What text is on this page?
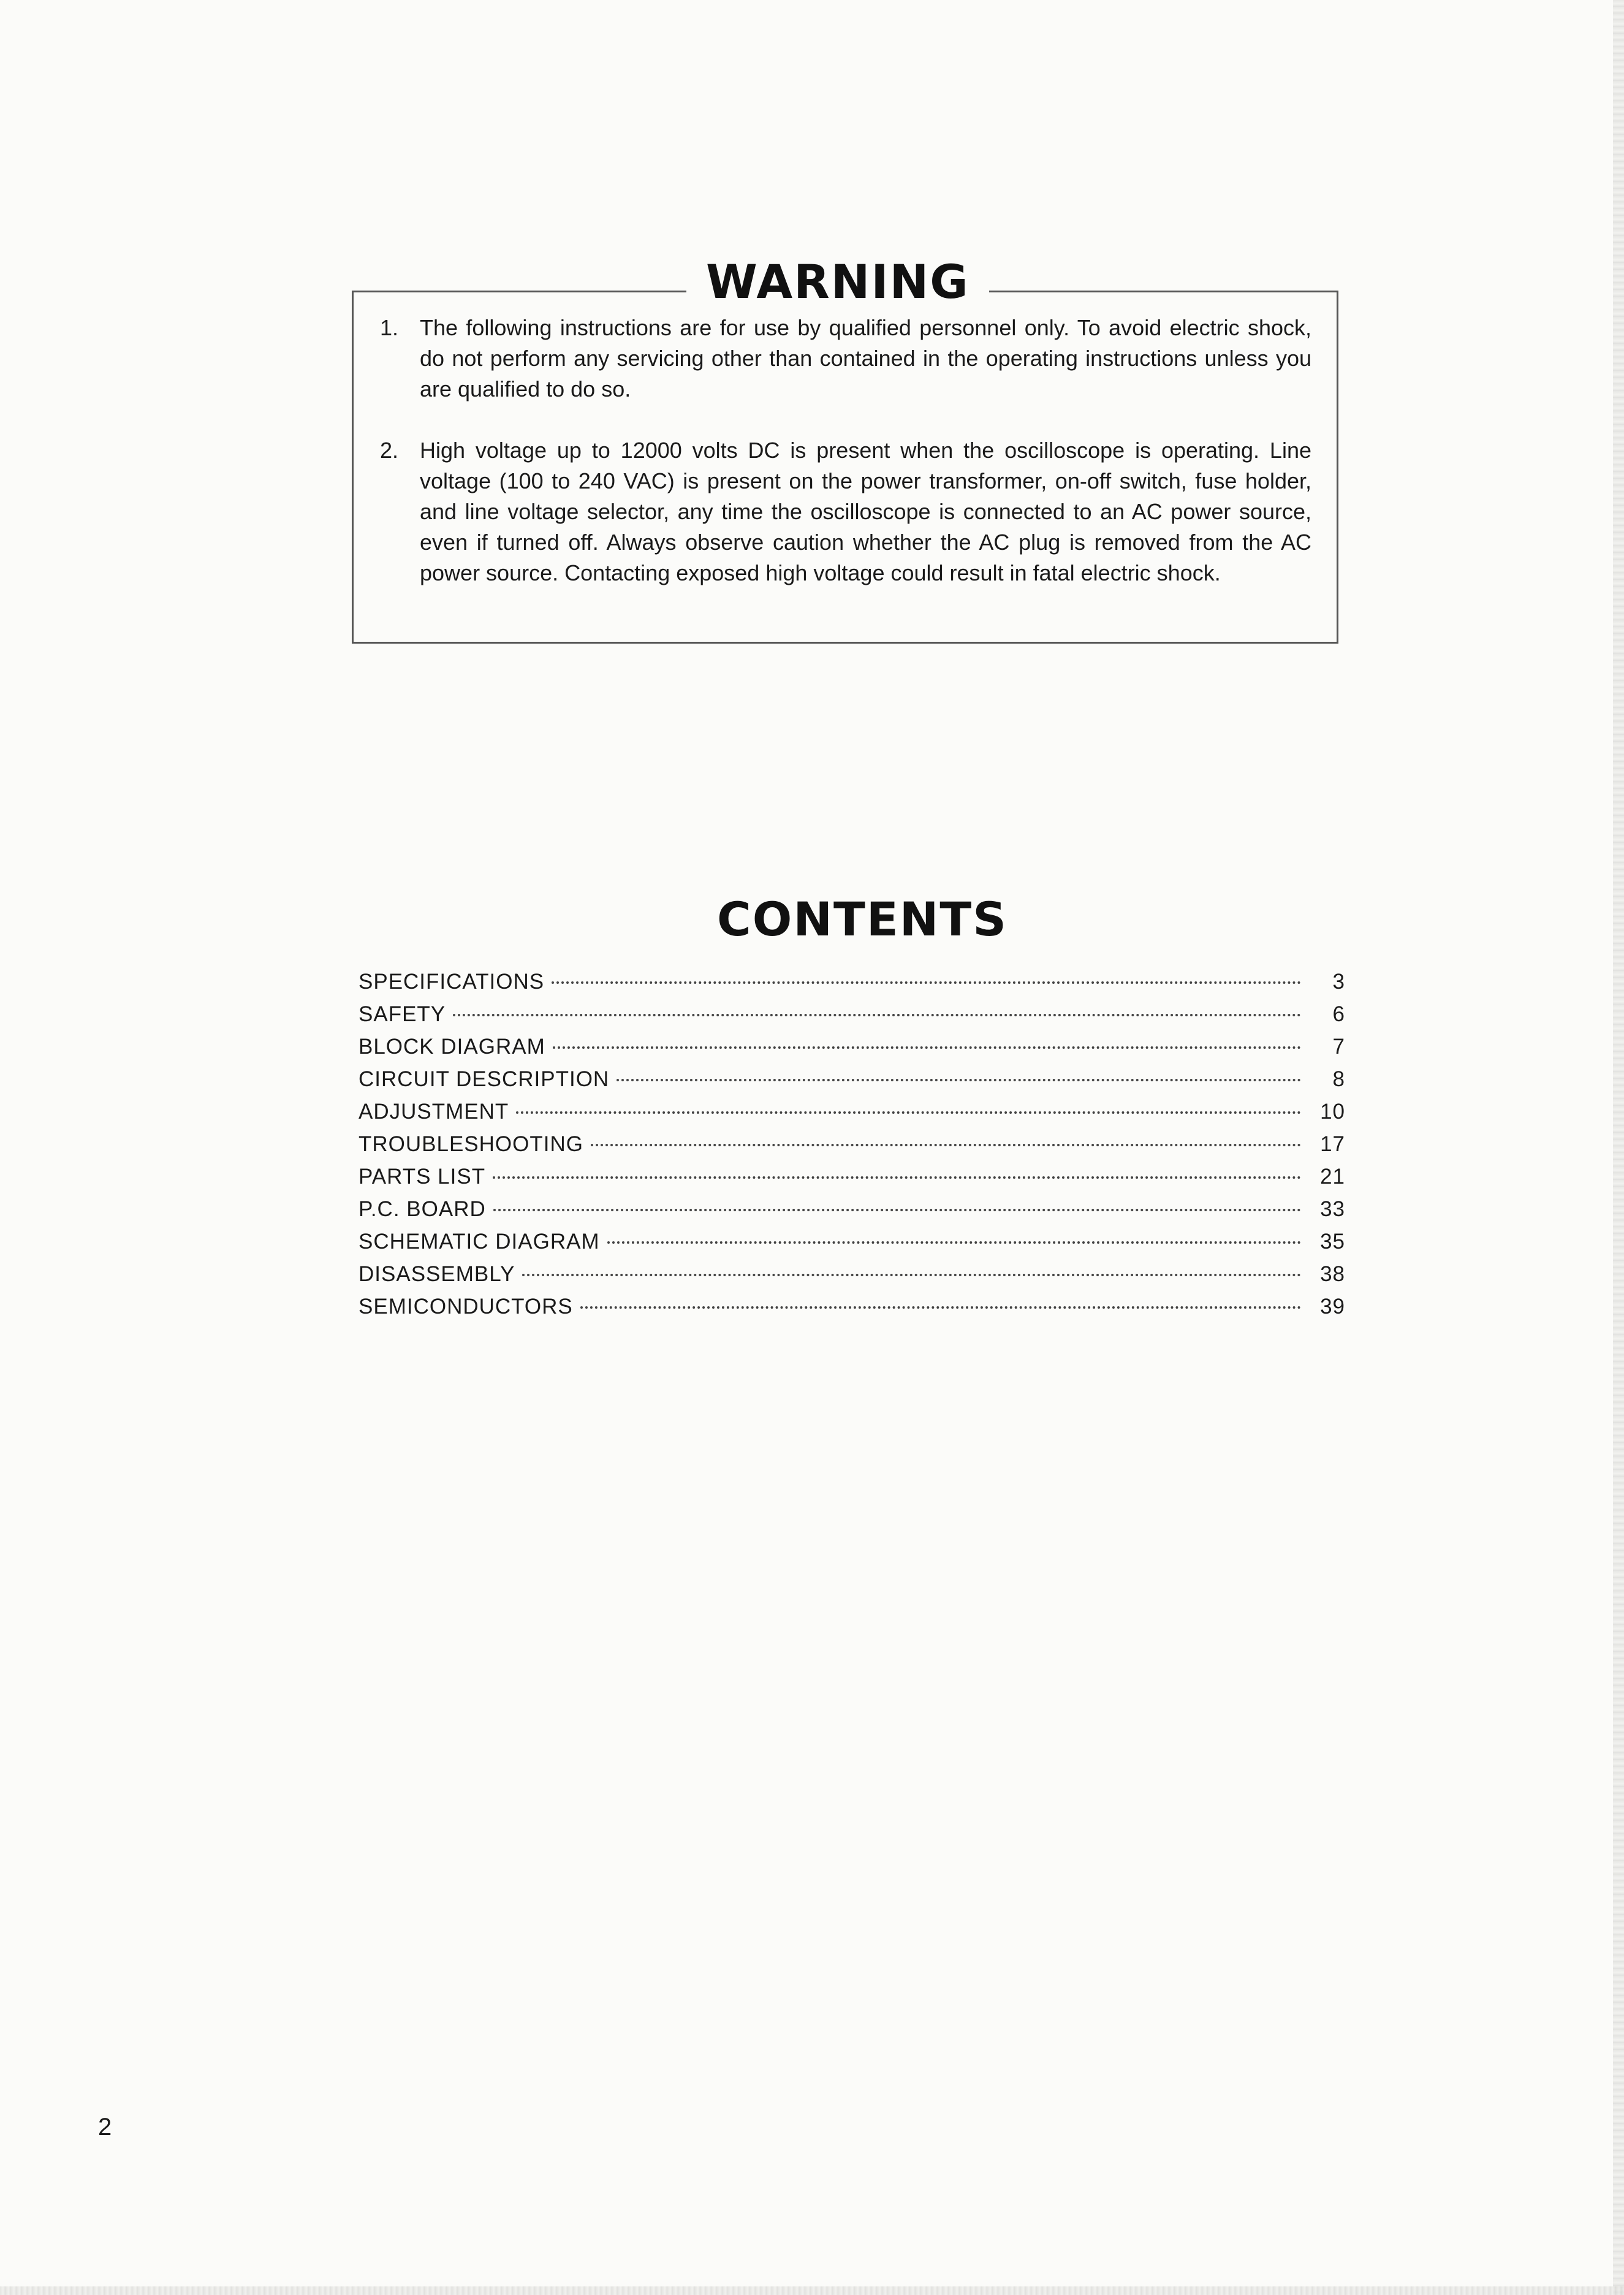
WARNING
1. The following instructions are for use by qualified personnel only. To avoid electric shock, do not perform any servicing other than contained in the operating instructions unless you are qualified to do so.
2. High voltage up to 12000 volts DC is present when the oscilloscope is operating. Line voltage (100 to 240 VAC) is present on the power transformer, on-off switch, fuse holder, and line voltage selector, any time the oscilloscope is connected to an AC power source, even if turned off. Always observe caution whether the AC plug is removed from the AC power source. Contacting exposed high voltage could result in fatal electric shock.
CONTENTS
SPECIFICATIONS	3
SAFETY	6
BLOCK DIAGRAM	7
CIRCUIT DESCRIPTION	8
ADJUSTMENT	10
TROUBLESHOOTING	17
PARTS LIST	21
P.C. BOARD	33
SCHEMATIC DIAGRAM	35
DISASSEMBLY	38
SEMICONDUCTORS	39
2
